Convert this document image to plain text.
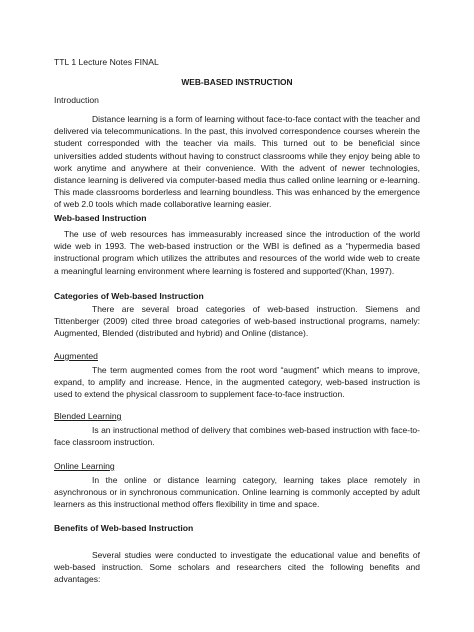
TTL 1 Lecture Notes FINAL
WEB-BASED INSTRUCTION
Introduction

Distance learning is a form of learning without face-to-face contact with the teacher and delivered via telecommunications. In the past, this involved correspondence courses wherein the student corresponded with the teacher via mails. This turned out to be beneficial since universities added students without having to construct classrooms while they enjoy being able to work anytime and anywhere at their convenience. With the advent of newer technologies, distance learning is delivered via computer-based media thus called online learning or e-learning. This made classrooms borderless and learning boundless. This was enhanced by the emergence of web 2.0 tools which made collaborative learning easier.

Web-based Instruction

The use of web resources has immeasurably increased since the introduction of the world wide web in 1993. The web-based instruction or the WBI is defined as a “hypermedia based instructional program which utilizes the attributes and resources of the world wide web to create a meaningful learning environment where learning is fostered and supported’(Khan, 1997).

Categories of Web-based Instruction

There are several broad categories of web-based instruction. Siemens and Tittenberger (2009) cited three broad categories of web-based instructional programs, namely: Augmented, Blended (distributed and hybrid) and Online (distance).

Augmented

The term augmented comes from the root word “augment” which means to improve, expand, to amplify and increase. Hence, in the augmented category, web-based instruction is used to extend the physical classroom to supplement face-to-face instruction.

Blended Learning

Is an instructional method of delivery that combines web-based instruction with face-to-face classroom instruction.

Online Learning

In the online or distance learning category, learning takes place remotely in asynchronous or in synchronous communication. Online learning is commonly accepted by adult learners as this instructional method offers flexibility in time and space.

Benefits of Web-based Instruction

Several studies were conducted to investigate the educational value and benefits of web-based instruction. Some scholars and researchers cited the following benefits and advantages:
